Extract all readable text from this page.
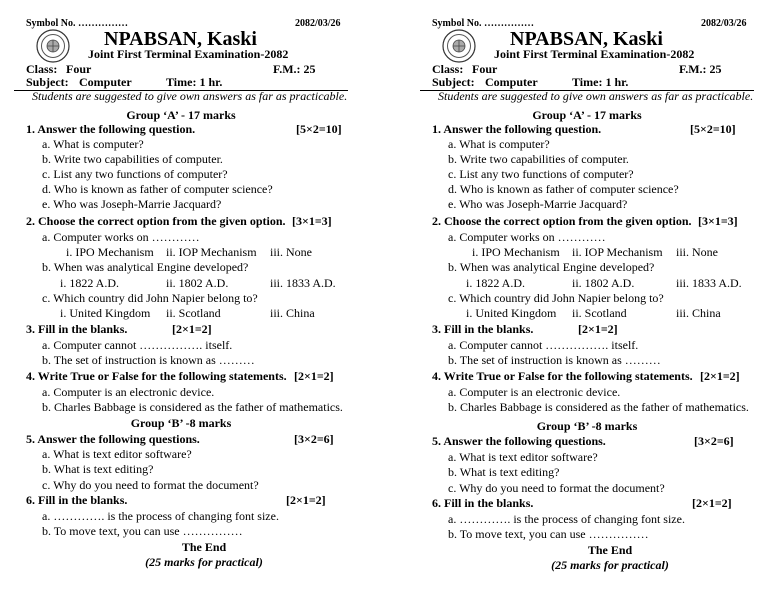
Symbol No. ……………	2082/03/26
NPABSAN, Kaski
Joint First Terminal Examination-2082
Class: Four	F.M.: 25
Subject: Computer	Time: 1 hr.
Students are suggested to give own answers as far as practicable.
Group ‘A’ - 17 marks
1. Answer the following question.	[5×2=10]
a. What is computer?
b. Write two capabilities of computer.
c. List any two functions of computer?
d. Who is known as father of computer science?
e. Who was Joseph-Marrie Jacquard?
2. Choose the correct option from the given option. [3×1=3]
a. Computer works on …………
i. IPO Mechanism ii. IOP Mechanism iii. None
b. When was analytical Engine developed?
i. 1822 A.D.	ii. 1802 A.D.	iii. 1833 A.D.
c. Which country did John Napier belong to?
i. United Kingdom ii. Scotland	iii. China
3. Fill in the blanks.	[2×1=2]
a. Computer cannot ……………. itself.
b. The set of instruction is known as ………
4. Write True or False for the following statements. [2×1=2]
a. Computer is an electronic device.
b. Charles Babbage is considered as the father of mathematics.
Group ‘B’ -8 marks
5. Answer the following questions.	[3×2=6]
a. What is text editor software?
b. What is text editing?
c. Why do you need to format the document?
6. Fill in the blanks.	[2×1=2]
a. …………. is the process of changing font size.
b. To move text, you can use ……………
The End
(25 marks for practical)
Symbol No. ……………	2082/03/26
NPABSAN, Kaski
Joint First Terminal Examination-2082
Class: Four	F.M.: 25
Subject: Computer	Time: 1 hr.
Students are suggested to give own answers as far as practicable.
Group ‘A’ - 17 marks
1. Answer the following question.	[5×2=10]
a. What is computer?
b. Write two capabilities of computer.
c. List any two functions of computer?
d. Who is known as father of computer science?
e. Who was Joseph-Marrie Jacquard?
2. Choose the correct option from the given option. [3×1=3]
a. Computer works on …………
i. IPO Mechanism ii. IOP Mechanism iii. None
b. When was analytical Engine developed?
i. 1822 A.D.	ii. 1802 A.D.	iii. 1833 A.D.
c. Which country did John Napier belong to?
i. United Kingdom ii. Scotland	iii. China
3. Fill in the blanks.	[2×1=2]
a. Computer cannot ……………. itself.
b. The set of instruction is known as ………
4. Write True or False for the following statements. [2×1=2]
a. Computer is an electronic device.
b. Charles Babbage is considered as the father of mathematics.
Group ‘B’ -8 marks
5. Answer the following questions.	[3×2=6]
a. What is text editor software?
b. What is text editing?
c. Why do you need to format the document?
6. Fill in the blanks.	[2×1=2]
a. …………. is the process of changing font size.
b. To move text, you can use ……………
The End
(25 marks for practical)
